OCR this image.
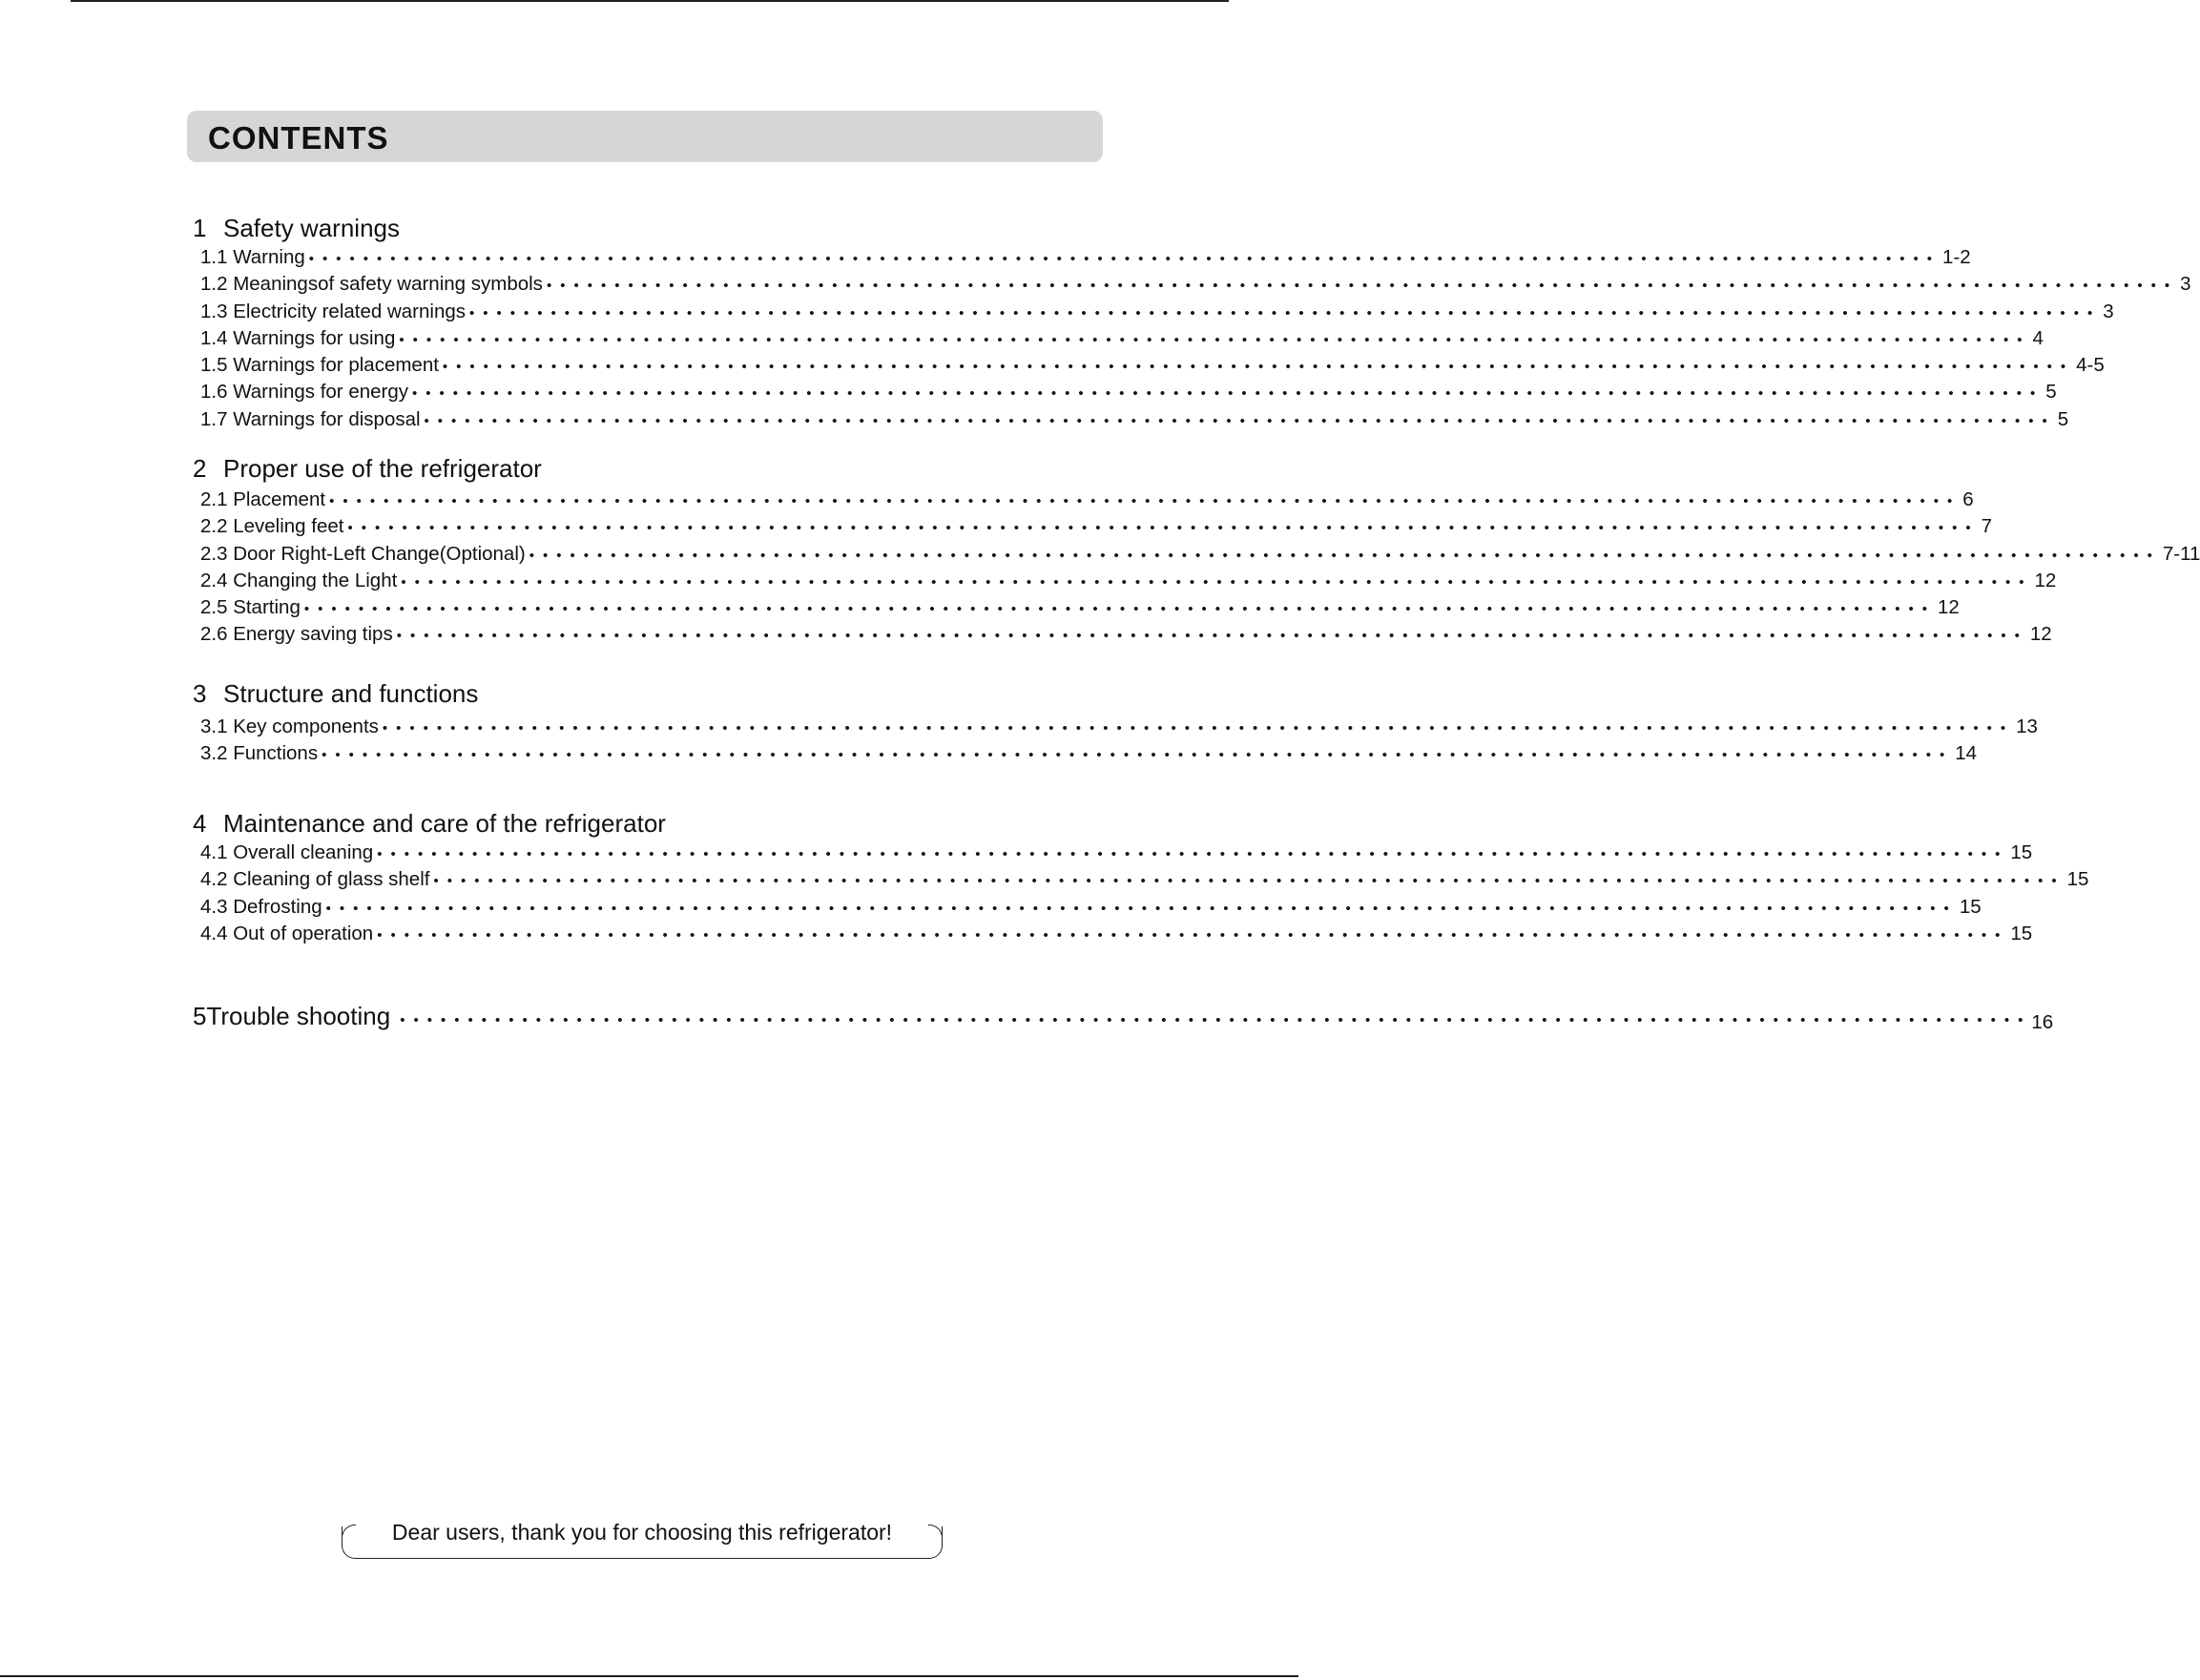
CONTENTS
1 Safety warnings
1.1 Warning •••••••••••••••••••••••••••••••••••••••••••••••••••••••••••••••••••••••••••••••••••••••••••••••••••••••••••••••••••••••• 1-2
1.2 Meaningsof safety warning symbols •••••••••••••••••••••••••••••••••••••••••••••••••••••••••••••••••••••••••••••••••••••••••••••••••••••••••••••••••••••••• 3
1.3 Electricity related warnings •••••••••••••••••••••••••••••••••••••••••••••••••••••••••••••••••••••••••••••••••••••••••••••••••••••••••••••••••••••••• 3
1.4 Warnings for using •••••••••••••••••••••••••••••••••••••••••••••••••••••••••••••••••••••••••••••••••••••••••••••••••••••••••••••••••••••••• 4
1.5 Warnings for placement •••••••••••••••••••••••••••••••••••••••••••••••••••••••••••••••••••••••••••••••••••••••••••••••••••••••••••••••••••••••• 4-5
1.6 Warnings for energy •••••••••••••••••••••••••••••••••••••••••••••••••••••••••••••••••••••••••••••••••••••••••••••••••••••••••••••••••••••••• 5
1.7 Warnings for disposal •••••••••••••••••••••••••••••••••••••••••••••••••••••••••••••••••••••••••••••••••••••••••••••••••••••••••••••••••••••••• 5
2 Proper use of the refrigerator
2.1 Placement •••••••••••••••••••••••••••••••••••••••••••••••••••••••••••••••••••••••••••••••••••••••••••••••••••••••••••••••••••••••• 6
2.2 Leveling feet •••••••••••••••••••••••••••••••••••••••••••••••••••••••••••••••••••••••••••••••••••••••••••••••••••••••••••••••••••••••• 7
2.3 Door Right-Left Change(Optional) •••••••••••••••••••••••••••••••••••••••••••••••••••••••••••••••••••••••••••••••••••••••••••••••••••••••••••••••••••••••• 7-11
2.4 Changing the Light •••••••••••••••••••••••••••••••••••••••••••••••••••••••••••••••••••••••••••••••••••••••••••••••••••••••••••••••••••••••• 12
2.5 Starting •••••••••••••••••••••••••••••••••••••••••••••••••••••••••••••••••••••••••••••••••••••••••••••••••••••••••••••••••••••••• 12
2.6 Energy saving tips •••••••••••••••••••••••••••••••••••••••••••••••••••••••••••••••••••••••••••••••••••••••••••••••••••••••••••••••••••••••• 12
3 Structure and functions
3.1 Key components •••••••••••••••••••••••••••••••••••••••••••••••••••••••••••••••••••••••••••••••••••••••••••••••••••••••••••••••••••••••• 13
3.2 Functions •••••••••••••••••••••••••••••••••••••••••••••••••••••••••••••••••••••••••••••••••••••••••••••••••••••••••••••••••••••••• 14
4 Maintenance and care of the refrigerator
4.1 Overall cleaning •••••••••••••••••••••••••••••••••••••••••••••••••••••••••••••••••••••••••••••••••••••••••••••••••••••••••••••••••••••••• 15
4.2 Cleaning of glass shelf •••••••••••••••••••••••••••••••••••••••••••••••••••••••••••••••••••••••••••••••••••••••••••••••••••••••••••••••••••••••• 15
4.3 Defrosting •••••••••••••••••••••••••••••••••••••••••••••••••••••••••••••••••••••••••••••••••••••••••••••••••••••••••••••••••••••••• 15
4.4 Out of operation •••••••••••••••••••••••••••••••••••••••••••••••••••••••••••••••••••••••••••••••••••••••••••••••••••••••••••••••••••••••• 15
5 Trouble shooting •••••••••••••••••••••••••••••••••••••••••••••••••••••••••••••••••••••••••••••••••••••••••••••••••••••••••••••••••••••••• 16
Dear users, thank you for choosing this refrigerator!
